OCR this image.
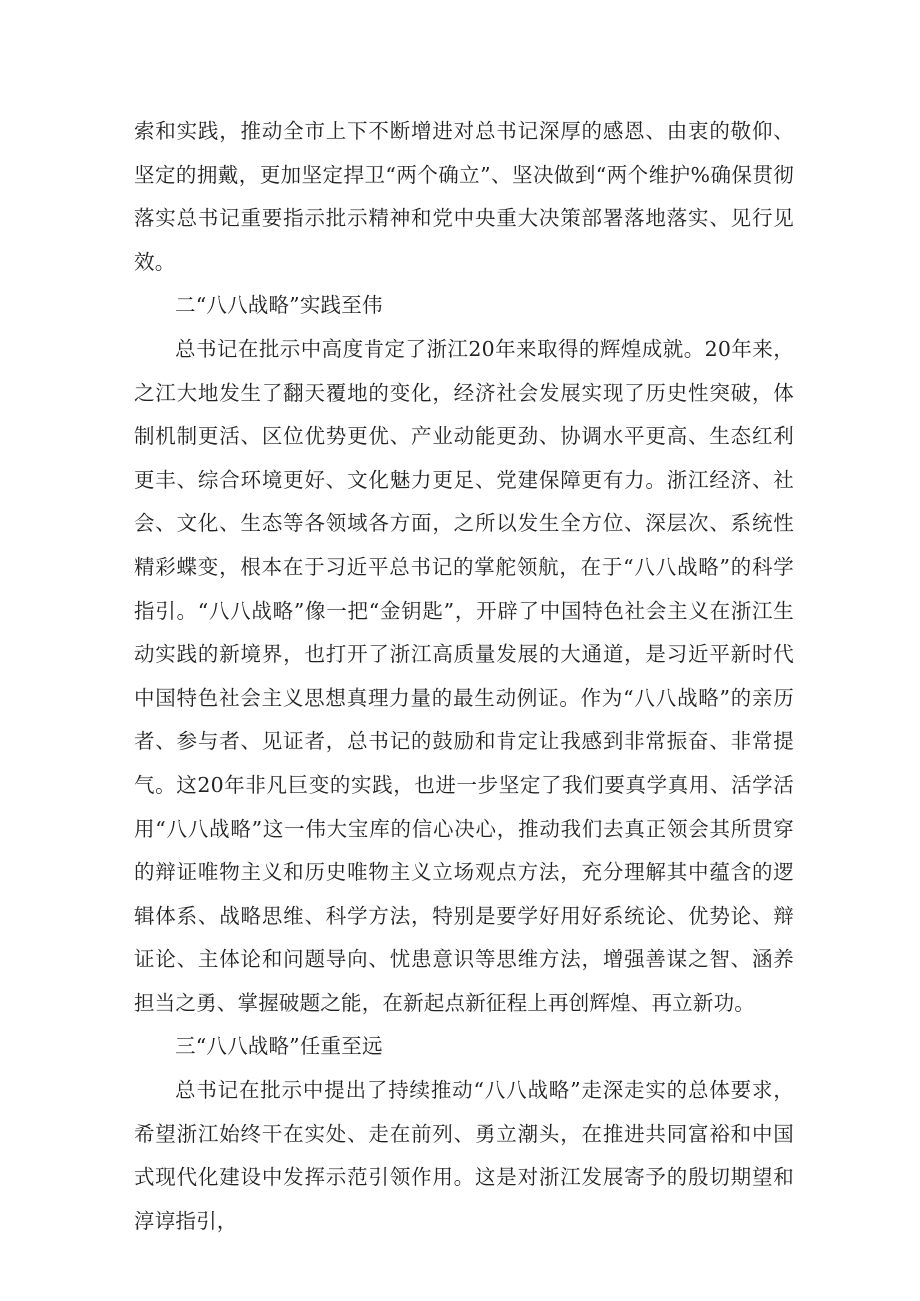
索和实践，推动全市上下不断增进对总书记深厚的感恩、由衷的敬仰、坚定的拥戴，更加坚定捍卫“两个确立”、坚决做到“两个维护%确保贯彻落实总书记重要指示批示精神和党中央重大决策部署落地落实、见行见效。

二“八八战略”实践至伟

总书记在批示中高度肯定了浙江20年来取得的辉煌成就。20年来，之江大地发生了翻天覆地的变化，经济社会发展实现了历史性突破，体制机制更活、区位优势更优、产业动能更劲、协调水平更高、生态红利更丰、综合环境更好、文化魅力更足、党建保障更有力。浙江经济、社会、文化、生态等各领域各方面，之所以发生全方位、深层次、系统性精彩蝶变，根本在于习近平总书记的掌舵领航，在于“八八战略”的科学指引。“八八战略”像一把“金钥匙”，开辟了中国特色社会主义在浙江生动实践的新境界，也打开了浙江高质量发展的大通道，是习近平新时代中国特色社会主义思想真理力量的最生动例证。作为“八八战略”的亲历者、参与者、见证者，总书记的鼓励和肯定让我感到非常振奋、非常提气。这20年非凡巨变的实践，也进一步坚定了我们要真学真用、活学活用“八八战略”这一伟大宝库的信心决心，推动我们去真正领会其所贯穿的辩证唯物主义和历史唯物主义立场观点方法，充分理解其中蕴含的逻辑体系、战略思维、科学方法，特别是要学好用好系统论、优势论、辩证论、主体论和问题导向、忧患意识等思维方法，增强善谋之智、涵养担当之勇、掌握破题之能，在新起点新征程上再创辉煌、再立新功。

三“八八战略”任重至远

总书记在批示中提出了持续推动“八八战略”走深走实的总体要求，希望浙江始终干在实处、走在前列、勇立潮头，在推进共同富裕和中国式现代化建设中发挥示范引领作用。这是对浙江发展寄予的殷切期望和淳谆指引，
